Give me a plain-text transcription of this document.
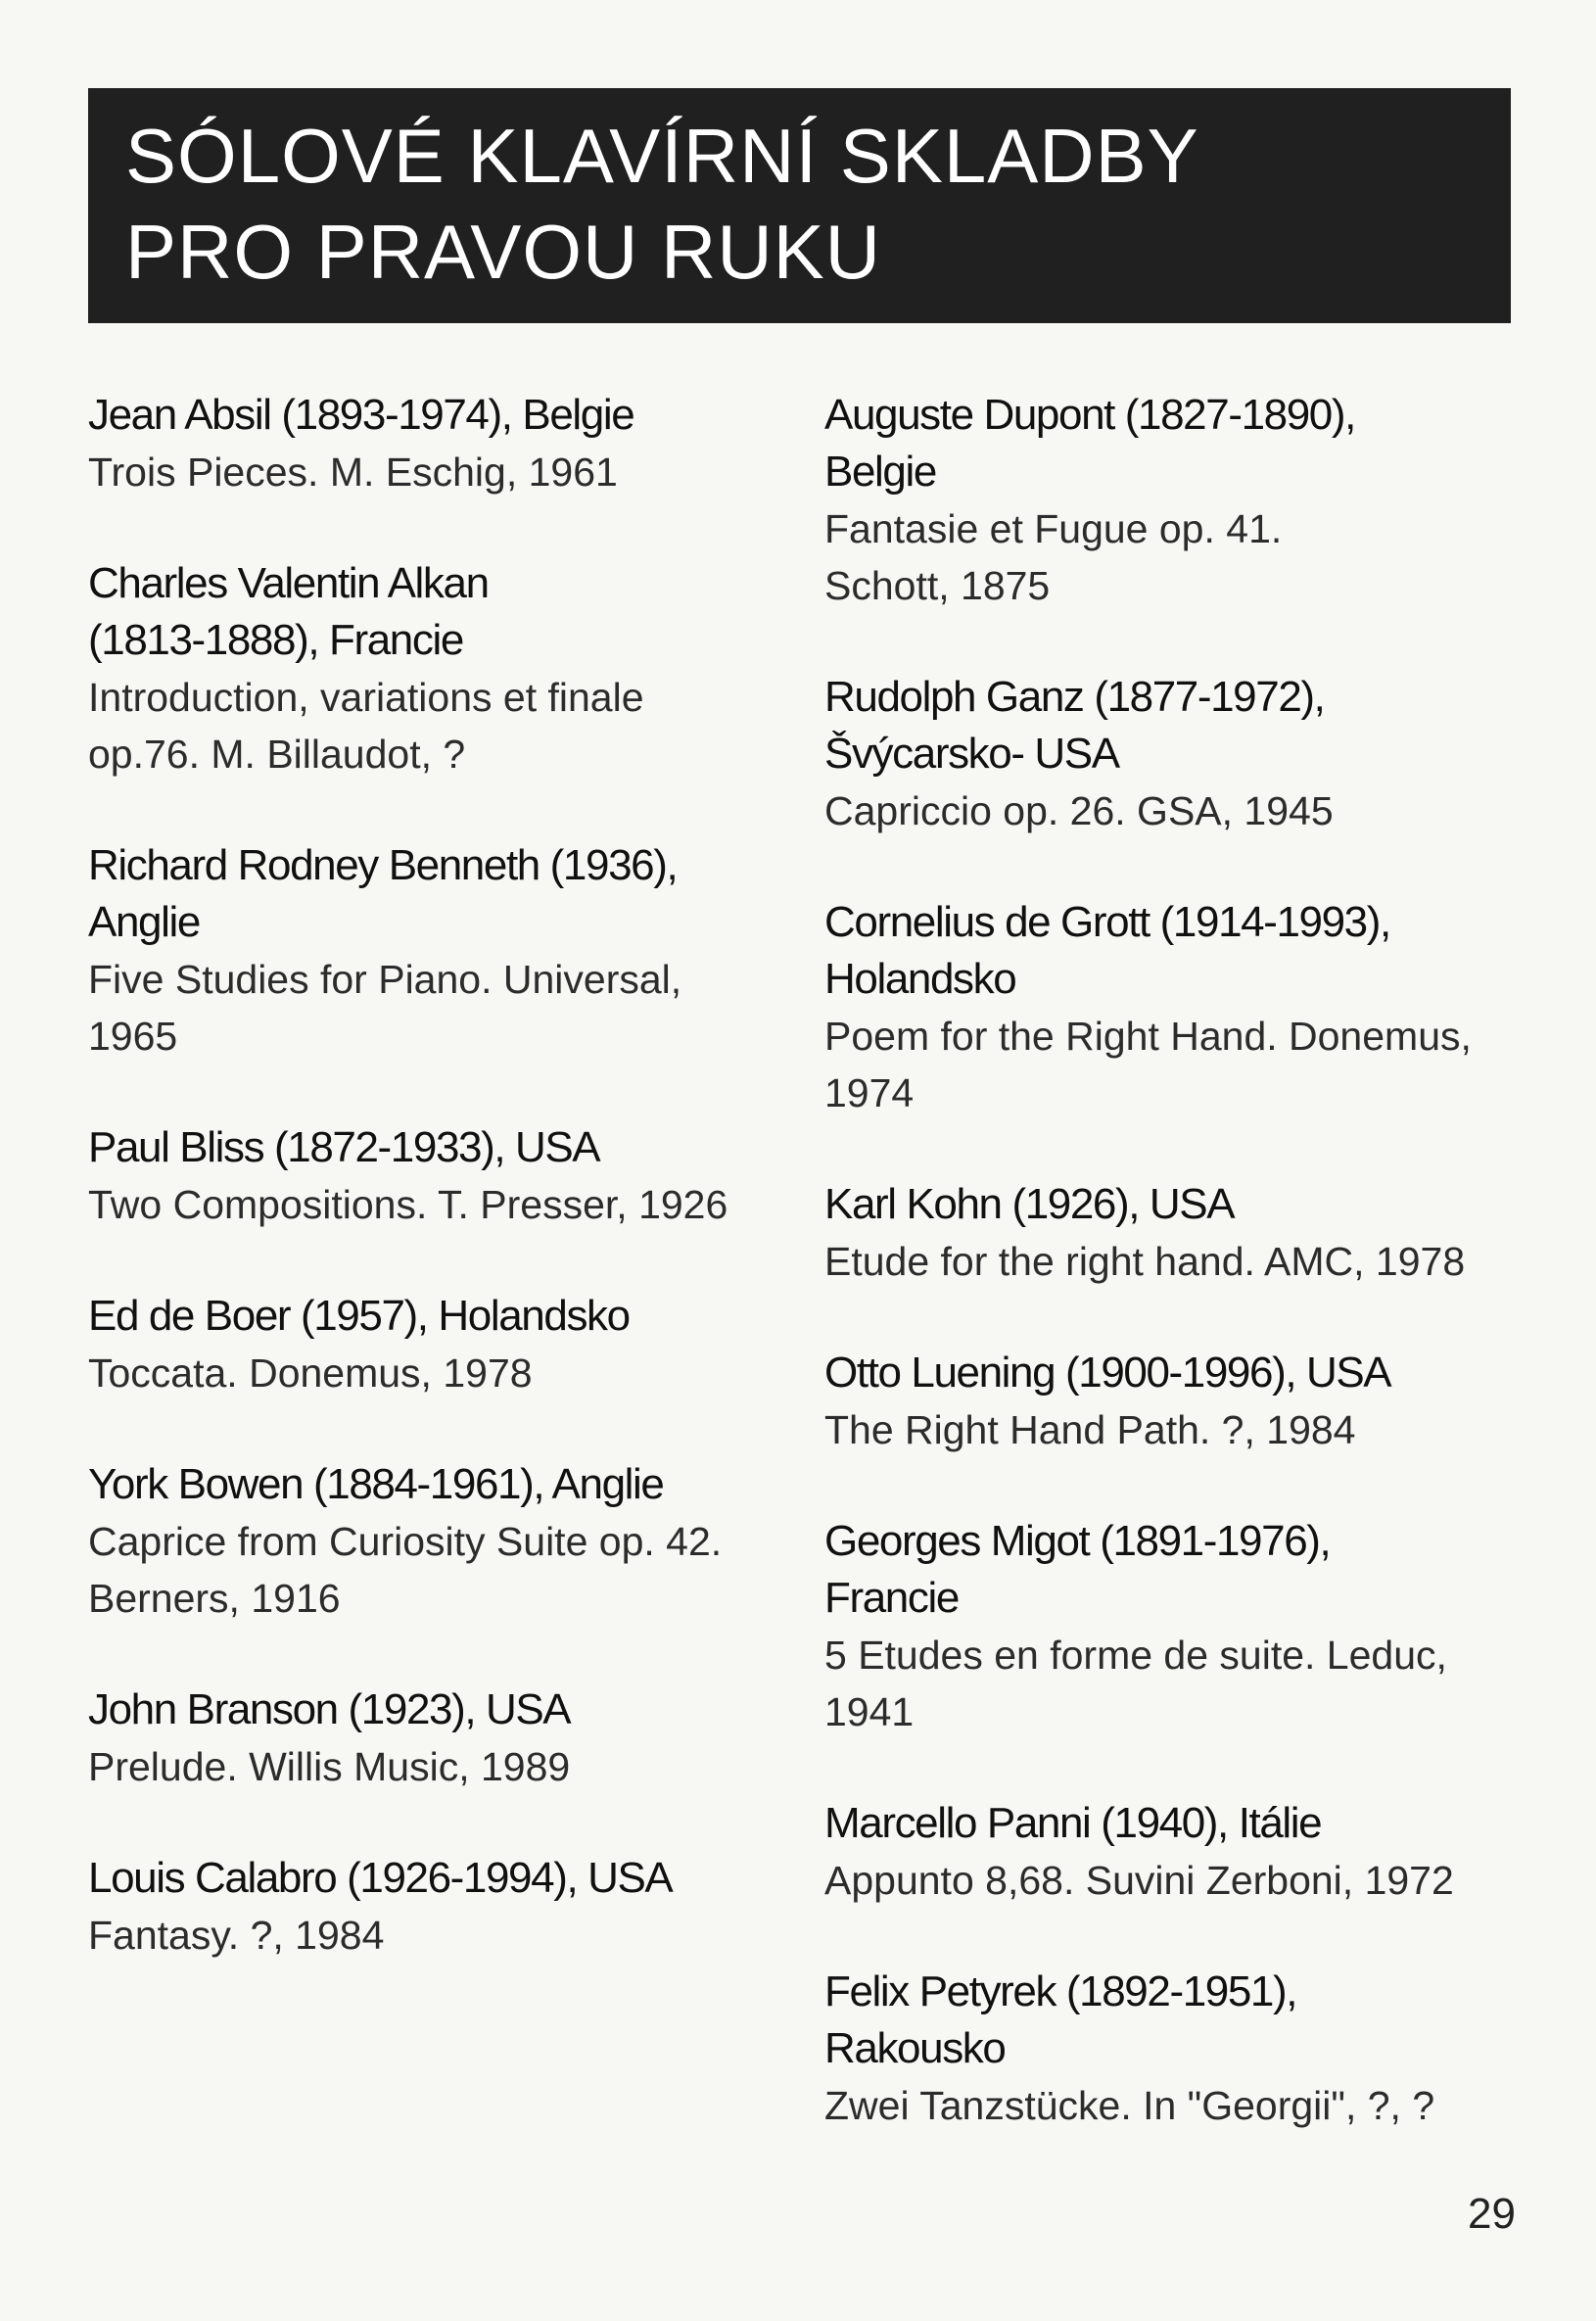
SÓLOVÉ KLAVÍRNÍ SKLADBY
PRO PRAVOU RUKU
Jean Absil (1893-1974), Belgie
Trois Pieces. M. Eschig, 1961
Charles Valentin Alkan
(1813-1888), Francie
Introduction, variations et finale
op.76. M. Billaudot, ?
Richard Rodney Benneth (1936),
Anglie
Five Studies for Piano. Universal,
1965
Paul Bliss (1872-1933), USA
Two Compositions. T. Presser, 1926
Ed de Boer (1957), Holandsko
Toccata. Donemus, 1978
York Bowen (1884-1961), Anglie
Caprice from Curiosity Suite op. 42.
Berners, 1916
John Branson (1923), USA
Prelude. Willis Music, 1989
Louis Calabro (1926-1994), USA
Fantasy. ?, 1984
Auguste Dupont (1827-1890),
Belgie
Fantasie et Fugue op. 41.
Schott, 1875
Rudolph Ganz (1877-1972),
Švýcarsko- USA
Capriccio op. 26. GSA, 1945
Cornelius de Grott (1914-1993),
Holandsko
Poem for the Right Hand. Donemus,
1974
Karl Kohn (1926), USA
Etude for the right hand. AMC, 1978
Otto Luening (1900-1996), USA
The Right Hand Path. ?, 1984
Georges Migot (1891-1976),
Francie
5 Etudes en forme de suite. Leduc,
1941
Marcello Panni (1940), Itálie
Appunto 8,68. Suvini Zerboni, 1972
Felix Petyrek (1892-1951),
Rakousko
Zwei Tanzstücke. In "Georgii", ?, ?
29
